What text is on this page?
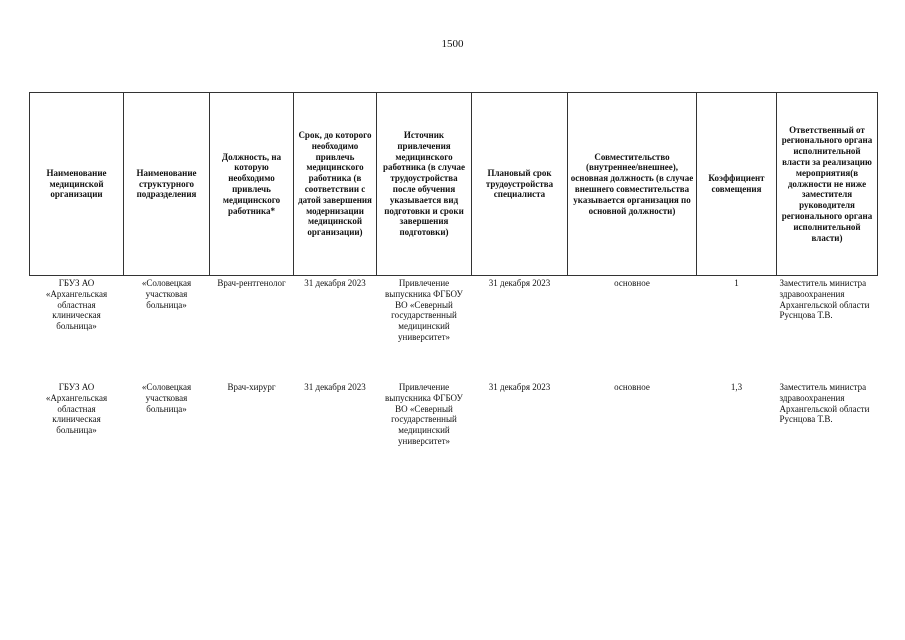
1500
Наименование медицинской организации	Наименование структурного подразделения	Должность, на которую необходимо привлечь медицинского работника*	Срок, до которого необходимо привлечь медицинского работника (в соответствии с датой завершения модернизации медицинской организации)	Источник привлечения медицинского работника (в случае трудоустройства после обучения указывается вид подготовки и сроки завершения подготовки)	Плановый срок трудоустройства специалиста	Совместительство (внутреннее/внешнее), основная должность (в случае внешнего совместительства указывается организация по основной должности)	Коэффициент совмещения	Ответственный от регионального органа исполнительной власти за реализацию мероприятия(в должности не ниже заместителя руководителя регионального органа исполнительной власти)
ГБУЗ АО «Архангельская областная клиническая больница»	«Соловецкая участковая больница»	Врач-рентгенолог	31 декабря 2023	Привлечение выпускника ФГБОУ ВО «Северный государственный медицинский университет»	31 декабря 2023	основное	1	Заместитель министра здравоохранения Архангельской области Руснцова Т.В.
ГБУЗ АО «Архангельская областная клиническая больница»	«Соловецкая участковая больница»	Врач-хирург	31 декабря 2023	Привлечение выпускника ФГБОУ ВО «Северный государственный медицинский университет»	31 декабря 2023	основное	1,3	Заместитель министра здравоохранения Архангельской области Руснцова Т.В.
